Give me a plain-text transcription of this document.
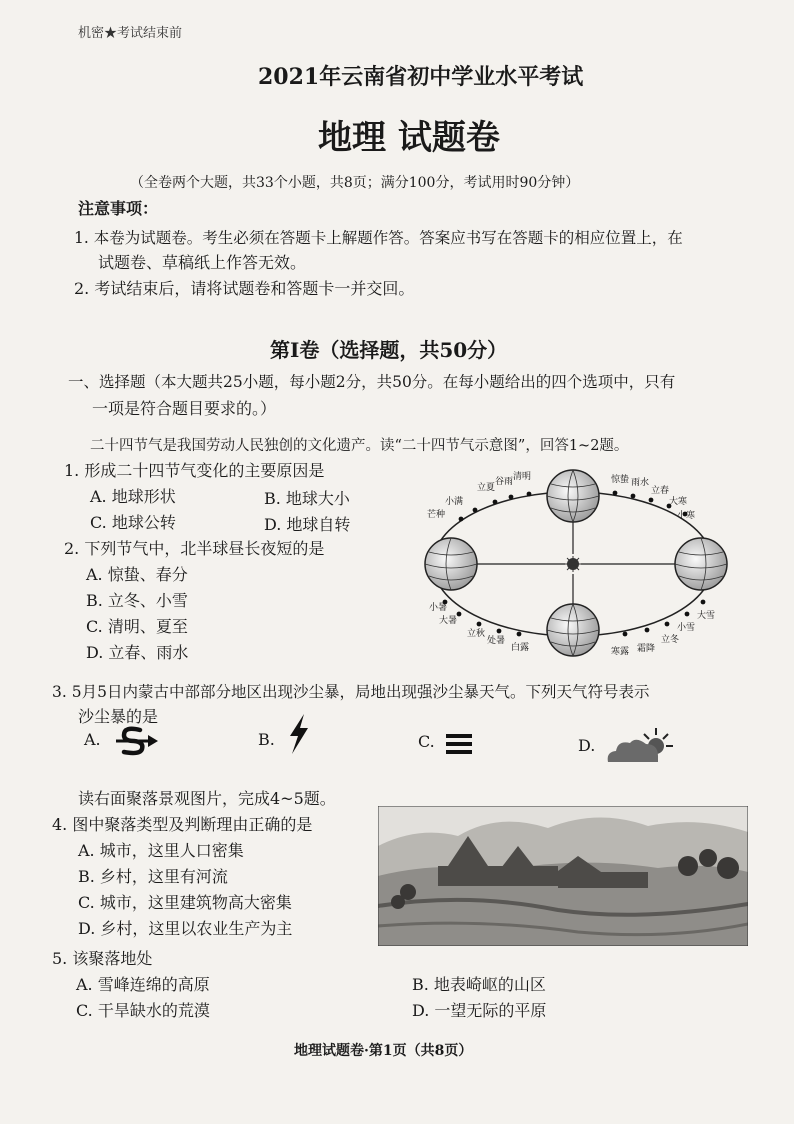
机密★考试结束前
2021年云南省初中学业水平考试
地理 试题卷
（全卷两个大题，共33个小题，共8页；满分100分，考试用时90分钟）
注意事项：
1. 本卷为试题卷。考生必须在答题卡上解题作答。答案应书写在答题卡的相应位置上，在
试题卷、草稿纸上作答无效。
2. 考试结束后，请将试题卷和答题卡一并交回。
第Ⅰ卷（选择题，共50分）
一、选择题（本大题共25小题，每小题2分，共50分。在每小题给出的四个选项中，只有
一项是符合题目要求的。）
二十四节气是我国劳动人民独创的文化遗产。读“二十四节气示意图”，回答1~2题。
1. 形成二十四节气变化的主要原因是
A. 地球形状	B. 地球大小
C. 地球公转	D. 地球自转
2. 下列节气中，北半球昼长夜短的是
A. 惊蛰、春分
B. 立冬、小雪
C. 清明、夏至
D. 立春、雨水
立夏
谷雨 清明
小满
芒种
惊蛰 雨水
立春
大寒
小寒
小暑
大暑
立秋
处暑
白露	寒露 霜降
立冬
小雪
大雪
3. 5月5日内蒙古中部部分地区出现沙尘暴，局地出现强沙尘暴天气。下列天气符号表示
沙尘暴的是
A.	B.	C.	D.
读右面聚落景观图片，完成4~5题。
4. 图中聚落类型及判断理由正确的是
A. 城市，这里人口密集
B. 乡村，这里有河流
C. 城市，这里建筑物高大密集
D. 乡村，这里以农业生产为主
5. 该聚落地处
A. 雪峰连绵的高原	B. 地表崎岖的山区
C. 干旱缺水的荒漠	D. 一望无际的平原
地理试题卷·第1页（共8页）
